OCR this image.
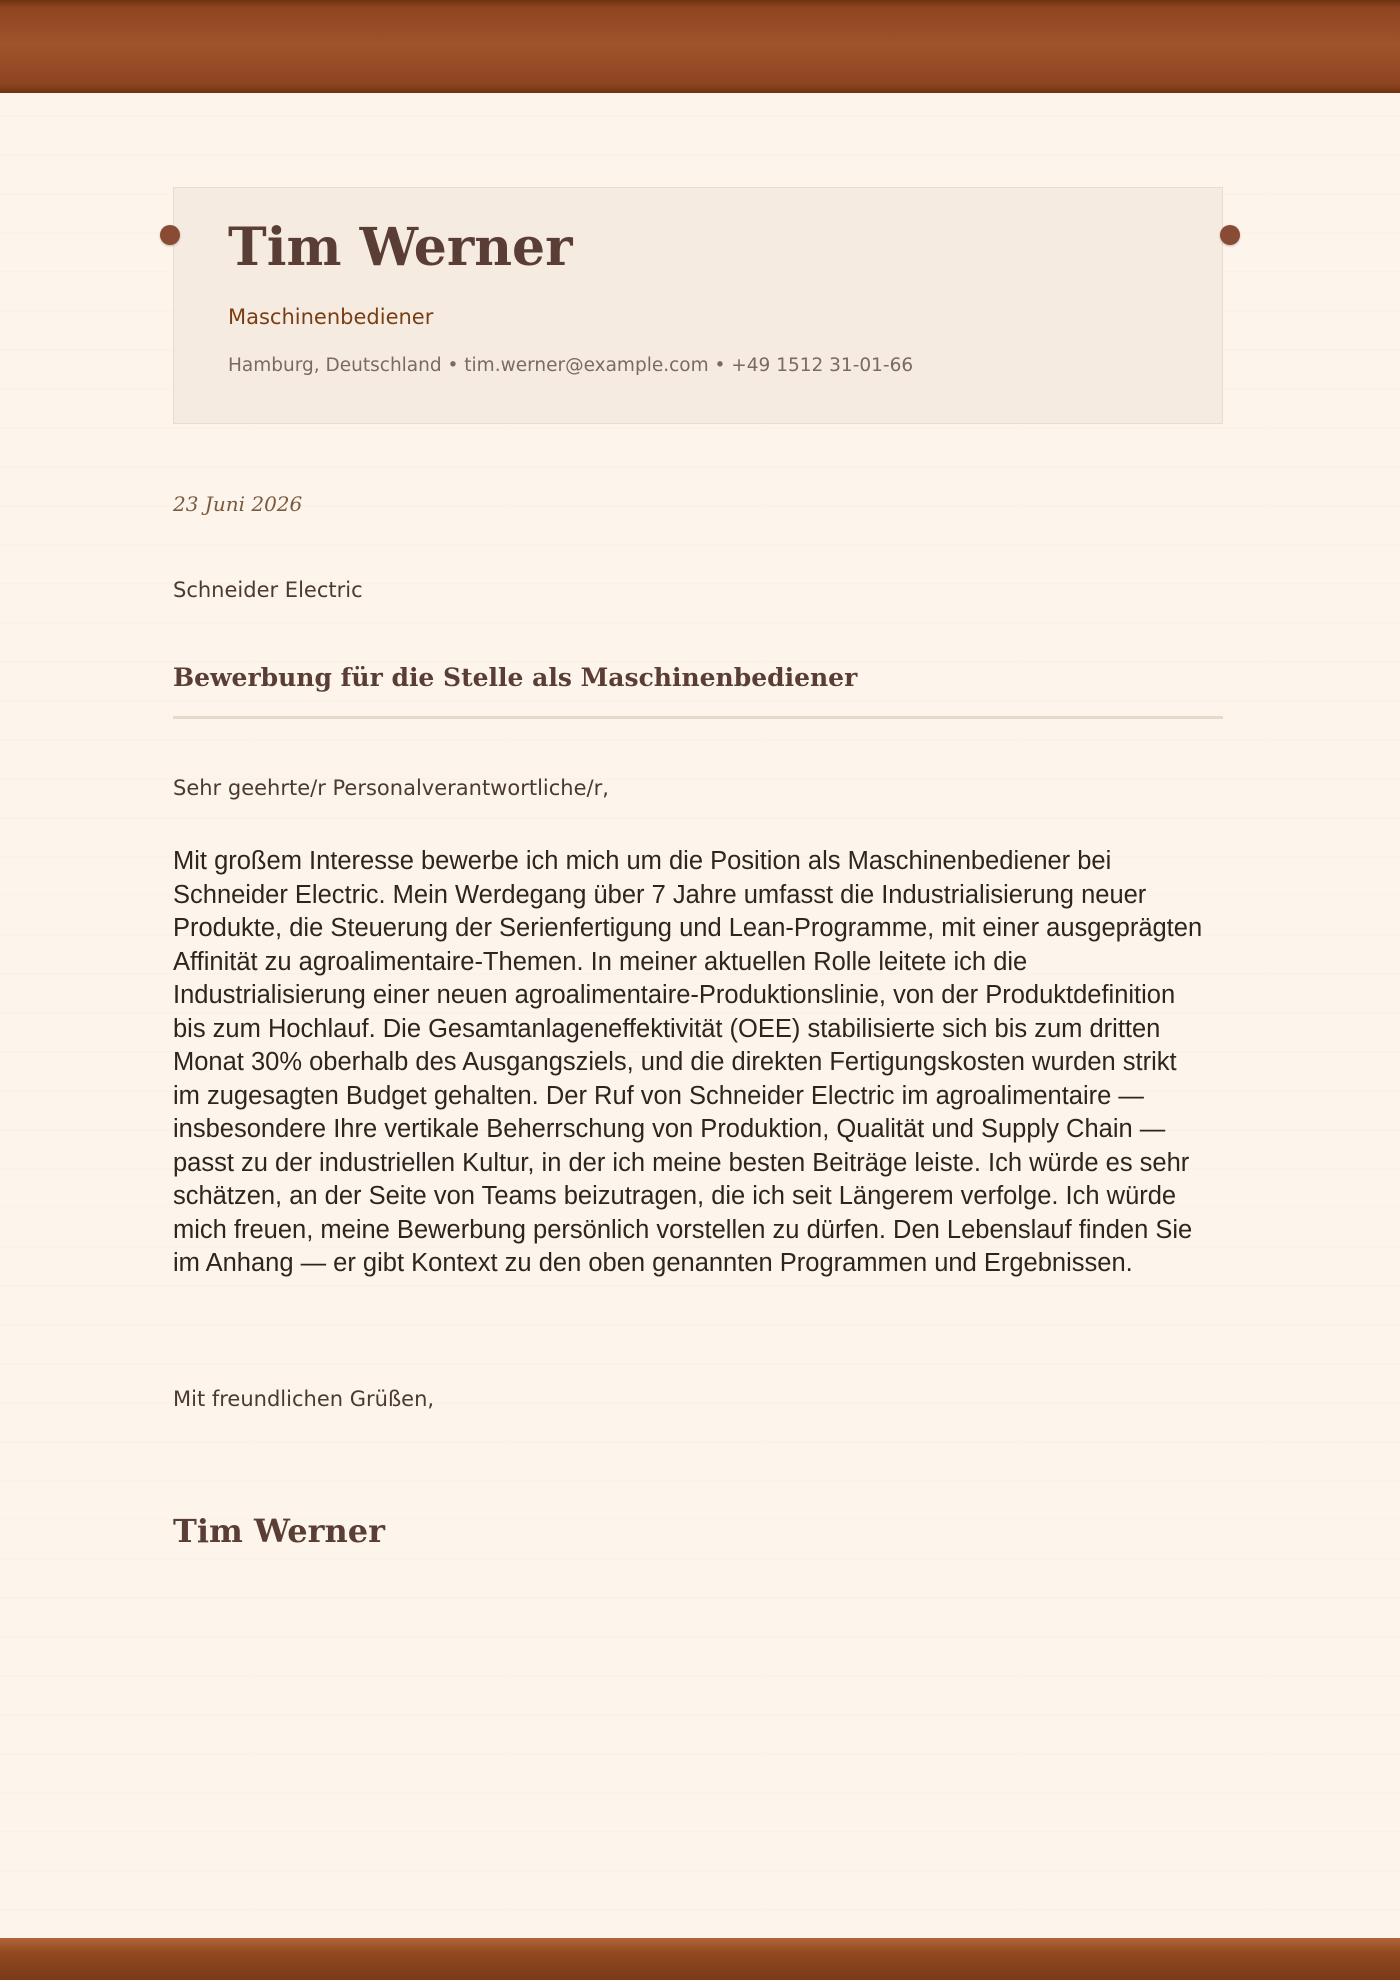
Tim Werner
Maschinenbediener
Hamburg, Deutschland • tim.werner@example.com • +49 1512 31-01-66
23 Juni 2026
Schneider Electric
Bewerbung für die Stelle als Maschinenbediener
Sehr geehrte/r Personalverantwortliche/r,

Mit großem Interesse bewerbe ich mich um die Position als Maschinenbediener bei Schneider Electric. Mein Werdegang über 7 Jahre umfasst die Industrialisierung neuer Produkte, die Steuerung der Serienfertigung und Lean-Programme, mit einer ausgeprägten Affinität zu agroalimentaire-Themen. In meiner aktuellen Rolle leitete ich die Industrialisierung einer neuen agroalimentaire-Produktionslinie, von der Produktdefinition bis zum Hochlauf. Die Gesamtanlageneffektivität (OEE) stabilisierte sich bis zum dritten Monat 30% oberhalb des Ausgangsziels, und die direkten Fertigungskosten wurden strikt im zugesagten Budget gehalten. Der Ruf von Schneider Electric im agroalimentaire — insbesondere Ihre vertikale Beherrschung von Produktion, Qualität und Supply Chain — passt zu der industriellen Kultur, in der ich meine besten Beiträge leiste. Ich würde es sehr schätzen, an der Seite von Teams beizutragen, die ich seit Längerem verfolge. Ich würde mich freuen, meine Bewerbung persönlich vorstellen zu dürfen. Den Lebenslauf finden Sie im Anhang — er gibt Kontext zu den oben genannten Programmen und Ergebnissen.

Mit freundlichen Grüßen,
Tim Werner
